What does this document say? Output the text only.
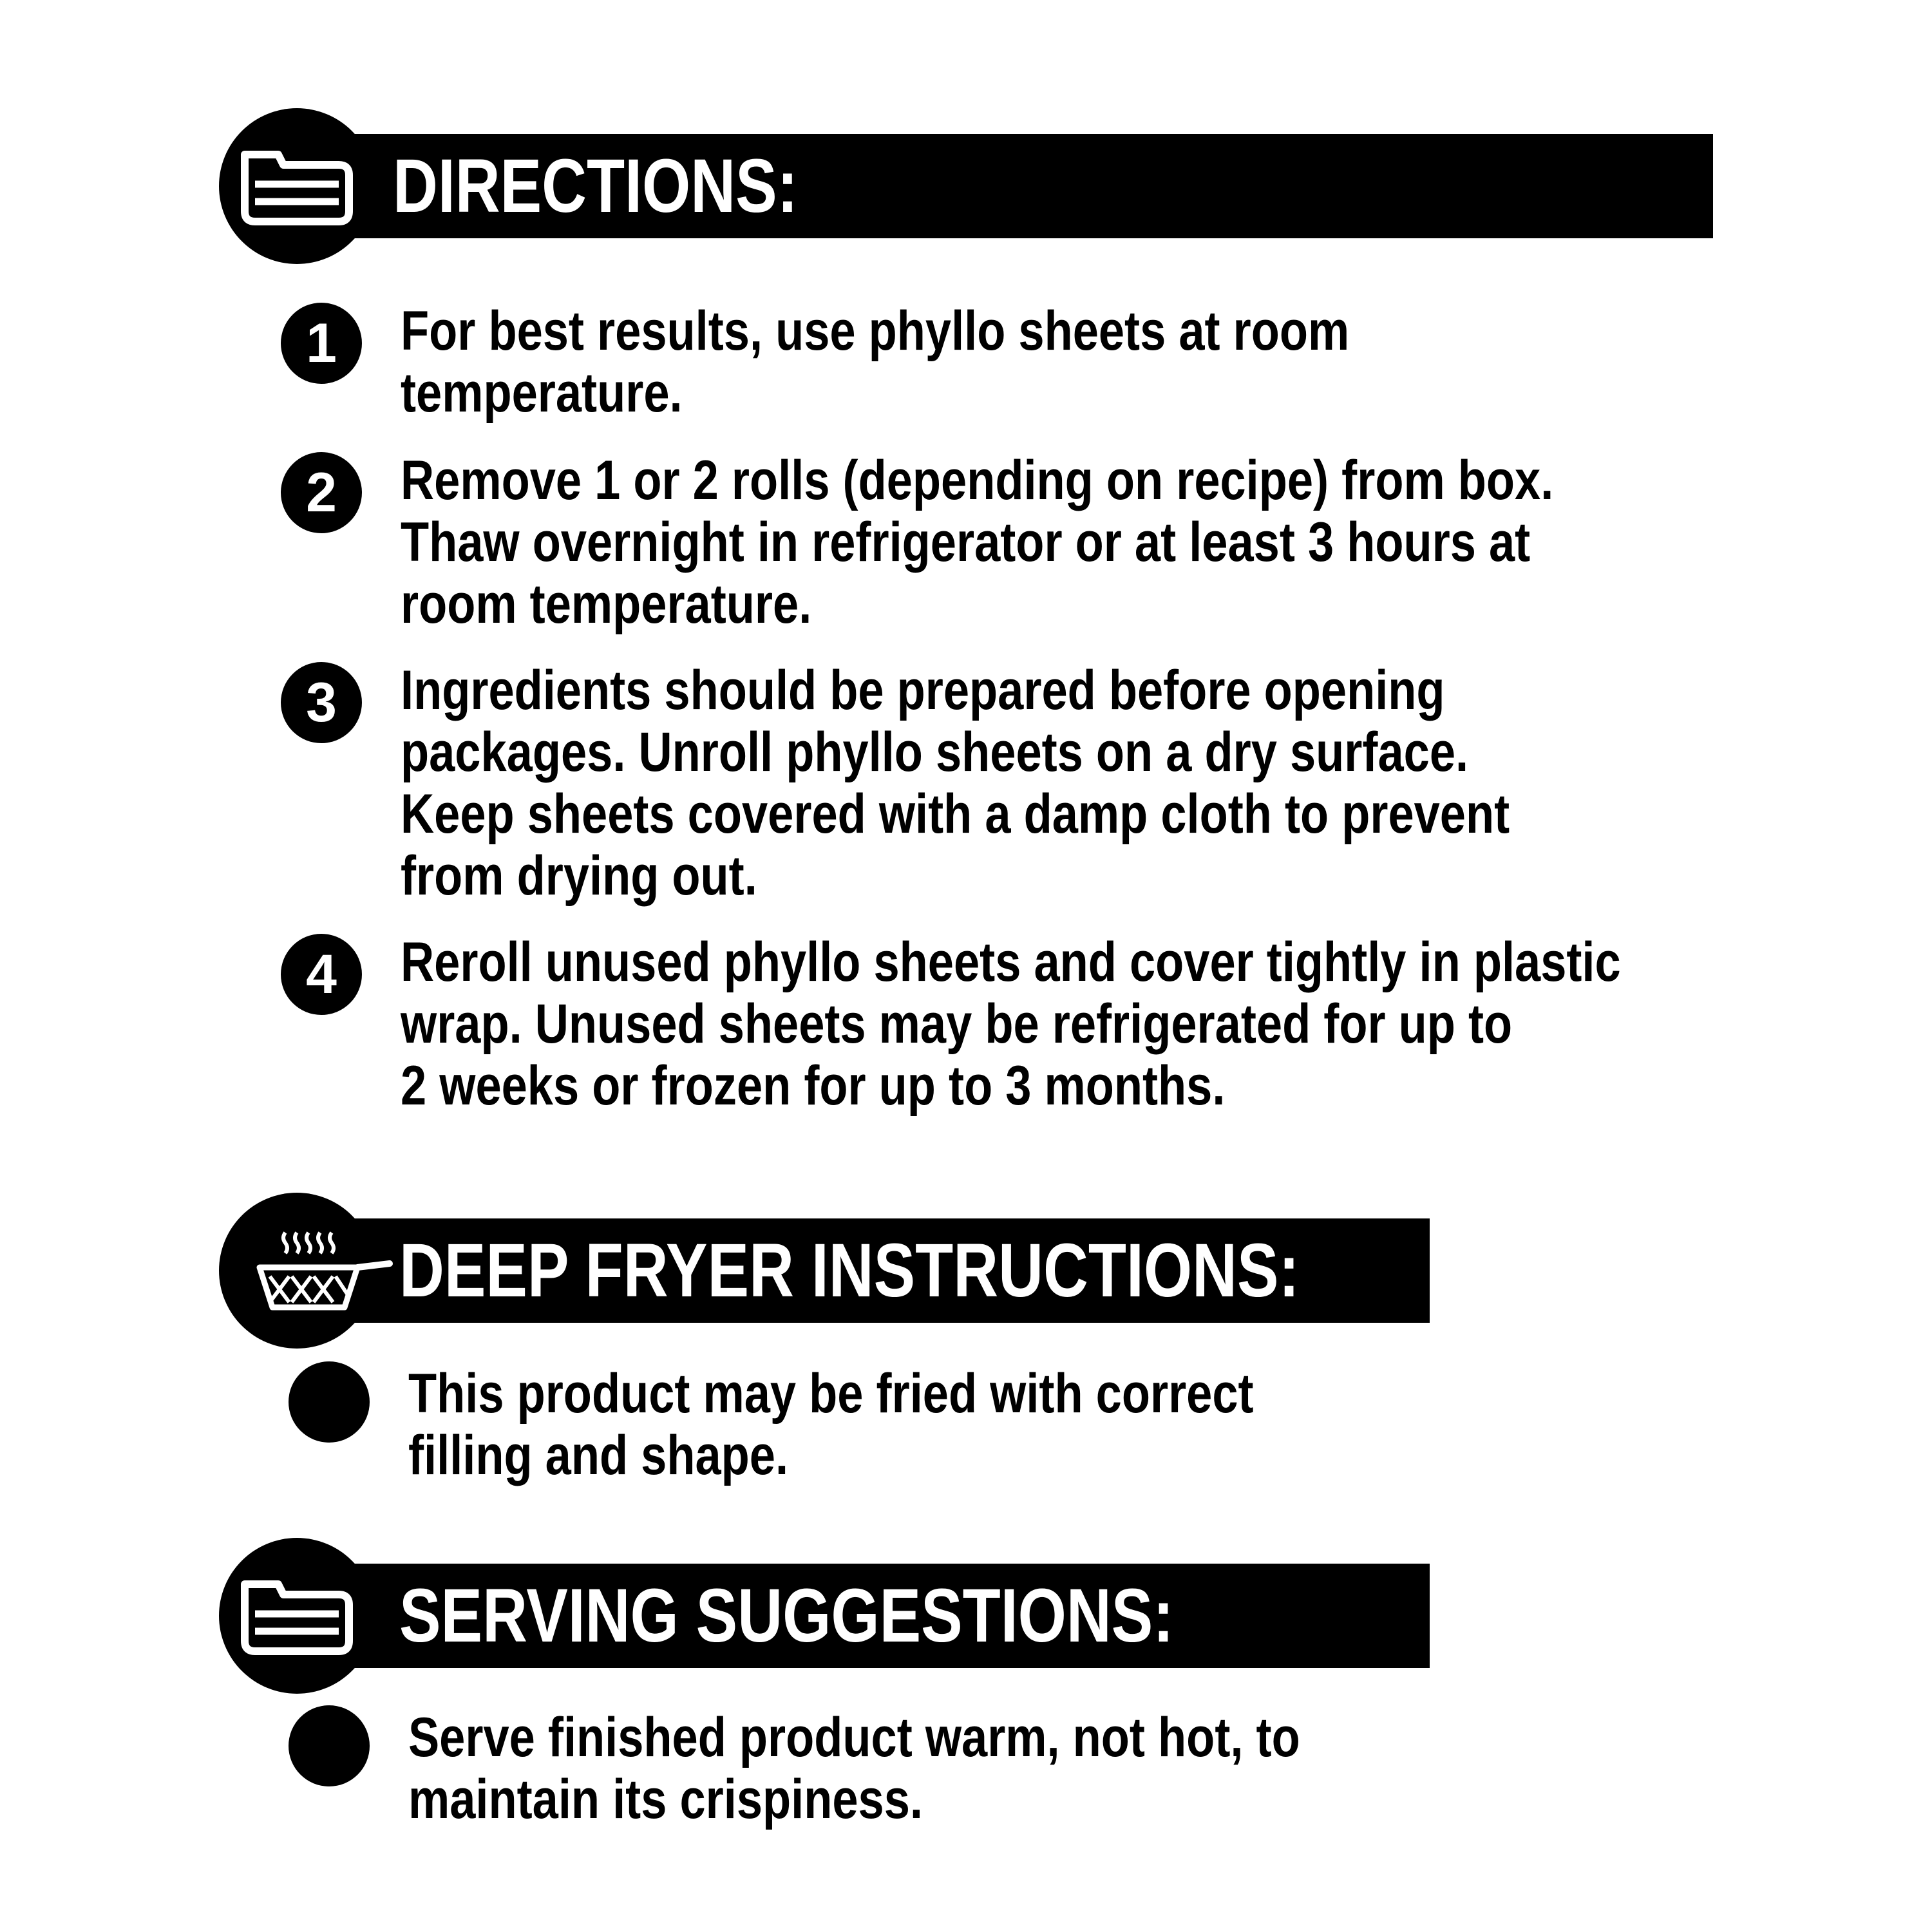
DIRECTIONS:
1	For best results, use phyllo sheets at room
temperature.
2	Remove 1 or 2 rolls (depending on recipe) from box.
Thaw overnight in refrigerator or at least 3 hours at
room temperature.
3	Ingredients should be prepared before opening
packages. Unroll phyllo sheets on a dry surface.
Keep sheets covered with a damp cloth to prevent
from drying out.
4	Reroll unused phyllo sheets and cover tightly in plastic
wrap. Unused sheets may be refrigerated for up to
2 weeks or frozen for up to 3 months.
DEEP FRYER INSTRUCTIONS:
This product may be fried with correct
filling and shape.
SERVING SUGGESTIONS:
Serve finished product warm, not hot, to
maintain its crispiness.
